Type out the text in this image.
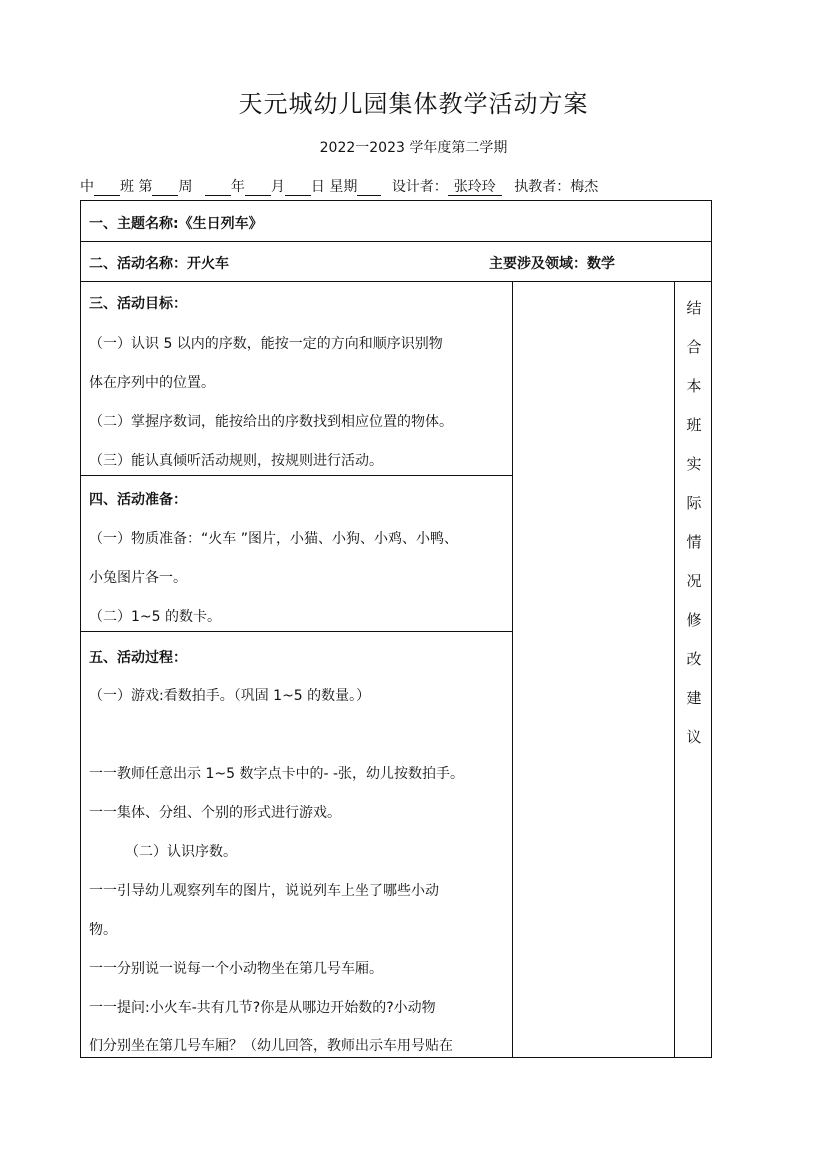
天元城幼儿园集体教学活动方案
2022一2023 学年度第二学期
中 班 第 周	年 月 日 星期 设计者： 张玲玲 执教者：梅杰
一、主题名称:《生日列车》
二、活动名称：开火车	主要涉及领域：数学
三、活动目标：
（一）认识 5 以内的序数，能按一定的方向和顺序识别物
体在序列中的位置。
（二）掌握序数词，能按给出的序数找到相应位置的物体。
（三）能认真倾听活动规则，按规则进行活动。
四、活动准备：
（一）物质准备：“火车 ”图片，小猫、小狗、小鸡、小鸭、
小兔图片各一。
（二）1~5 的数卡。
五、活动过程：
（一）游戏:看数拍手。（巩固 1~5 的数量。）
一一教师任意出示 1~5 数字点卡中的- -张，幼儿按数拍手。
一一集体、分组、个别的形式进行游戏。
（二）认识序数。
一一引导幼儿观察列车的图片，说说列车上坐了哪些小动
物。
一一分别说一说每一个小动物坐在第几号车厢。
一一提问:小火车-共有几节?你是从哪边开始数的?小动物
们分别坐在第几号车厢？（幼儿回答，教师出示车用号贴在
结
合
本
班
实
际
情
况
修
改
建
议
